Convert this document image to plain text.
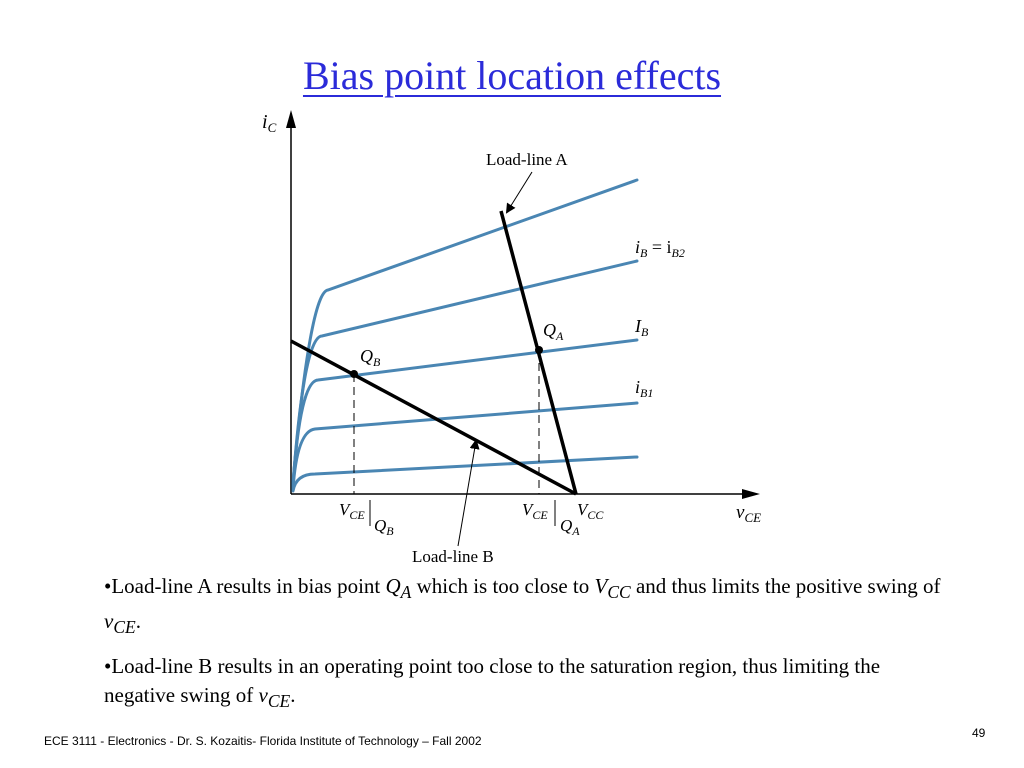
Bias point location effects
$i_C$
$v_{CE}$
Load-line A
Load-line B
$i_B = i_{B2}$
$I_B$
$i_{B1}$
$Q_A$
$Q_B$
$V_{CE}$
$Q_B$
$V_{CE}$
$Q_A$
$V_{CC}$

•Load-line A results in bias point $Q_A$ which is too close to $V_{CC}$ and thus limits the positive swing of $v_{CE}$.

•Load-line B results in an operating point too close to the saturation region, thus limiting the negative swing of $v_{CE}$.

ECE 3111 - Electronics - Dr. S. Kozaitis- Florida Institute of Technology – Fall 2002
49
